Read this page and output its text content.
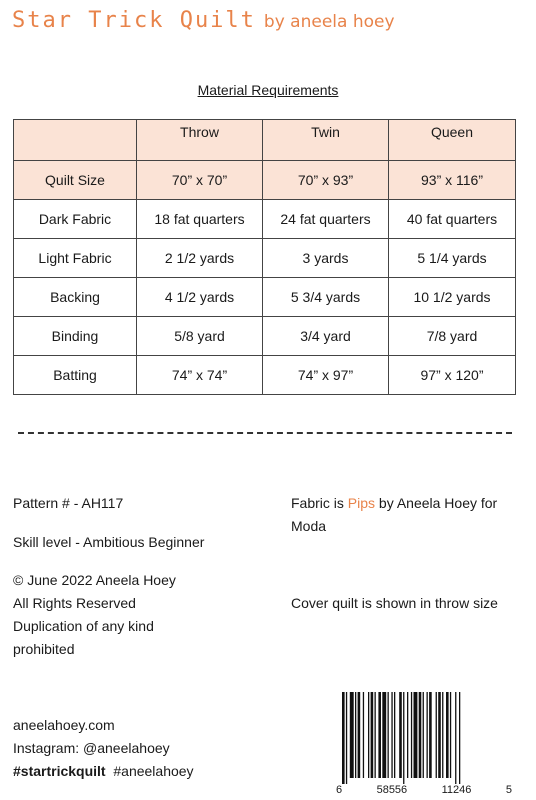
Star Trick Quilt by aneela hoey
Material Requirements
	Throw	Twin	Queen
Quilt Size	70” x 70”	70” x 93”	93” x 116”
Dark Fabric	18 fat quarters	24 fat quarters	40 fat quarters
Light Fabric	2 1/2 yards	3 yards	5 1/4 yards
Backing	4 1/2 yards	5 3/4 yards	10 1/2 yards
Binding	5/8 yard	3/4 yard	7/8 yard
Batting	74” x 74”	74” x 97”	97” x 120”
Pattern # - AH117
Skill level - Ambitious Beginner
© June 2022 Aneela Hoey
All Rights Reserved
Duplication of any kind
prohibited
Fabric is Pips by Aneela Hoey for
Moda
Cover quilt is shown in throw size
aneelahoey.com
Instagram: @aneelahoey
#startrickquilt #aneelahoey
6	58556	11246	5
